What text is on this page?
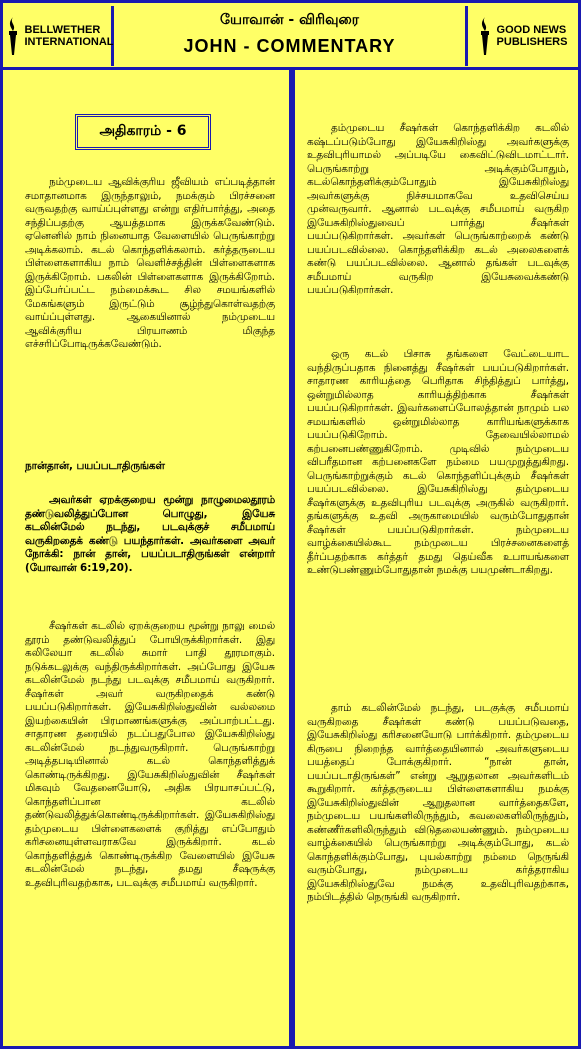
BELLWETHER
INTERNATIONAL
யோவான் - விரிவுரை
JOHN - COMMENTARY
GOOD NEWS
PUBLISHERS
அதிகாரம் - 6

நம்முடைய ஆவிக்குரிய ஜீவியம் எப்படித்தான் சமாதானமாக இருந்தாலும், நமக்கும் பிரச்சனை வருவதற்கு வாய்ப்புள்ளது என்று எதிர்பார்த்து, அதை சந்திப்பதற்கு ஆயத்தமாக இருக்கவேண்டும். ஏனெனில் நாம் நினையாத வேளையில் பெருங்காற்று அடிக்கலாம். கடல் கொந்தளிக்கலாம். கர்த்தருடைய பிள்ளைகளாகிய நாம் வெளிச்சத்தின் பிள்ளைகளாக இருக்கிறோம். பகலின் பிள்ளைகளாக இருக்கிறோம். இப்பேர்ப்பட்ட நம்மைக்கூட சில சமயங்களில் மேகங்களும் இருட்டும் சூழ்ந்துகொள்வதற்கு வாய்ப்புள்ளது. ஆகையினால் நம்முடைய ஆவிக்குரிய பிரயாணம் மிகுந்த எச்சரிப்போடிருக்கவேண்டும்.

நான்தான், பயப்படாதிருங்கள்

அவர்கள் ஏறக்குறைய மூன்று நாழுமைலதூரம் தண்டுவலித்துப்போன பொழுது, இயேசு கடலின்மேல் நடந்து, படவுக்குச் சமீபமாய் வருகிறதைக் கண்டு பயந்தார்கள். அவர்களை அவர் நோக்கி: நான் தான், பயப்படாதிருங்கள் என்றார் (யோவான் 6:19,20).

சீஷர்கள் கடலில் ஏறக்குறைய மூன்று நாலு மைல் தூரம் தண்டுவலித்துப் போயிருக்கிறார்கள். இது கலிலேயா கடலில் சுமார் பாதி தூரமாகும். நடுக்கடலுக்கு வந்திருக்கிறார்கள். அப்போது இயேசு கடலின்மேல் நடந்து படவுக்கு சமீபமாய் வருகிறார். சீஷர்கள் அவர் வருகிறதைக் கண்டு பயப்படுகிறார்கள். இயேசுகிறிஸ்துவின் வல்லமை இயற்கையின் பிரமாணங்களுக்கு அப்பாற்பட்டது. சாதாரண தரையில் நடப்பதுபோல இயேசுகிறிஸ்து கடலின்மேல் நடந்துவருகிறார். பெருங்காற்று அடித்தபடியினால் கடல் கொந்தளித்துக் கொண்டிருக்கிறது. இயேசுகிறிஸ்துவின் சீஷர்கள் மிகவும் வேதனையோடு, அதிக பிரயாசப்பட்டு, கொந்தளிப்பான கடலில் தண்டுவலித்துக்கொண்டிருக்கிறார்கள். இயேசுகிறிஸ்து தம்முடைய பிள்ளைகளைக் குறித்து எப்போதும் கரிசனையுள்ளவராகவே இருக்கிறார். கடல் கொந்தளித்துக் கொண்டிருக்கிற வேளையில் இயேசு கடலின்மேல் நடந்து, தமது சீஷருக்கு உதவிபுரிவதற்காக, படவுக்கு சமீபமாய் வருகிறார்.

தம்முடைய சீஷர்கள் கொந்தளிக்கிற கடலில் கஷ்டப்படும்போது இயேசுகிறிஸ்து அவர்களுக்கு உதவிபுரியாமல் அப்படியே கைவிட்டுவிடமாட்டார். பெருங்காற்று அடிக்கும்போதும், கடல்கொந்தளிக்கும்போதும் இயேசுகிறிஸ்து அவர்களுக்கு நிச்சயமாகவே உதவிசெய்ய முன்வருவார். ஆனால் படவுக்கு சமீபமாய் வருகிற இயேசுகிறிஸ்துவைப் பார்த்து சீஷர்கள் பயப்படுகிறார்கள். அவர்கள் பெருங்காற்றைக் கண்டு பயப்படவில்லை. கொந்தளிக்கிற கடல் அலைகளைக் கண்டு பயப்படவில்லை. ஆனால் தங்கள் படவுக்கு சமீபமாய் வருகிற இயேசுவைக்கண்டு பயப்படுகிறார்கள்.

ஒரு கடல் பிசாசு தங்களை வேட்டையாட வந்திருப்பதாக நினைத்து சீஷர்கள் பயப்படுகிறார்கள். சாதாரண காரியத்தை பெரிதாக சிந்தித்துப் பார்த்து, ஒன்றுமில்லாத காரியத்திற்காக சீஷர்கள் பயப்படுகிறார்கள். இவர்களைப்போலத்தான் நாமும் பல சமயங்களில் ஒன்றுமில்லாத காரியங்களுக்காக பயப்படுகிறோம். தேவையில்லாமல் கற்பனைபண்ணுகிறோம். முடிவில் நம்முடைய விபரீதமான கற்பனைகளே நம்மை பயமுறுத்துகிறது. பெருங்காற்றுக்கும் கடல் கொந்தளிப்புக்கும் சீஷர்கள் பயப்படவில்லை. இயேசுகிறிஸ்து தம்முடைய சீஷர்களுக்கு உதவிபுரிய படவுக்கு அருகில் வருகிறார். தங்களுக்கு உதவி அருகாமையில் வரும்போதுதான் சீஷர்கள் பயப்படுகிறார்கள். நம்முடைய வாழ்க்கையில்கூட நம்முடைய பிரச்சனைகளைத் தீர்ப்பதற்காக கர்த்தர் தமது தெய்வீக உபாயங்களை உண்டுபண்ணும்போதுதான் நமக்கு பயமுண்டாகிறது.

தாம் கடலின்மேல் நடந்து, படகுக்கு சமீபமாய் வருகிறதை சீஷர்கள் கண்டு பயப்படுவதை, இயேசுகிறிஸ்து கரிசனையோடு பார்க்கிறார். தம்முடைய கிருபை நிறைந்த வார்த்தையினால் அவர்களுடைய பயத்தைப் போக்குகிறார். “நான் தான், பயப்படாதிருங்கள்” என்று ஆறுதலான அவர்களிடம் கூறுகிறார். கர்த்தருடைய பிள்ளைகளாகிய நமக்கு இயேசுகிறிஸ்துவின் ஆறுதலான வார்த்தைகளே, நம்முடைய பயங்களிலிருந்தும், கவலைகளிலிருந்தும், கண்ணீர்களிலிருந்தும் விடுதலையண்ணும். நம்முடைய வாழ்க்கையில் பெருங்காற்று அடிக்கும்போது, கடல் கொந்தளிக்கும்போது, புயல்காற்று நம்மை நெருங்கி வரும்போது, நம்முடைய கர்த்தராகிய இயேசுகிறிஸ்துவே நமக்கு உதவிபுரிவதற்காக, நம்பிடத்தில் நெருங்கி வருகிறார்.
